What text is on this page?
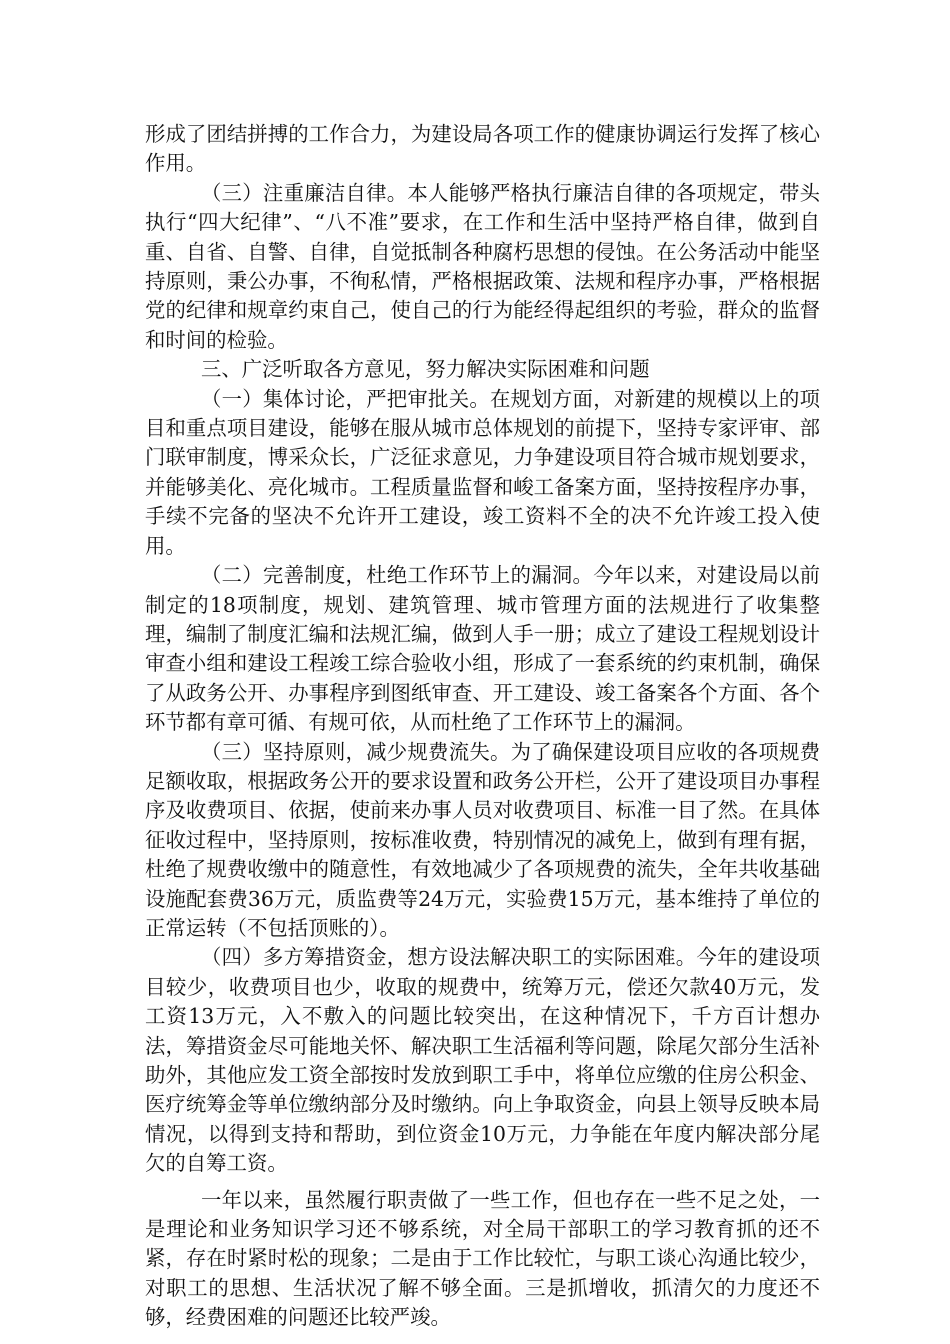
形成了团结拼搏的工作合力，为建设局各项工作的健康协调运行发挥了核心作用。

（三）注重廉洁自律。本人能够严格执行廉洁自律的各项规定，带头执行“四大纪律”、“八不准”要求，在工作和生活中坚持严格自律，做到自重、自省、自警、自律，自觉抵制各种腐朽思想的侵蚀。在公务活动中能坚持原则，秉公办事，不徇私情，严格根据政策、法规和程序办事，严格根据党的纪律和规章约束自己，使自己的行为能经得起组织的考验，群众的监督和时间的检验。

三、广泛听取各方意见，努力解决实际困难和问题

（一）集体讨论，严把审批关。在规划方面，对新建的规模以上的项目和重点项目建设，能够在服从城市总体规划的前提下，坚持专家评审、部门联审制度，博采众长，广泛征求意见，力争建设项目符合城市规划要求，并能够美化、亮化城市。工程质量监督和峻工备案方面，坚持按程序办事，手续不完备的坚决不允许开工建设，竣工资料不全的决不允许竣工投入使用。

（二）完善制度，杜绝工作环节上的漏洞。今年以来，对建设局以前制定的18项制度，规划、建筑管理、城市管理方面的法规进行了收集整理，编制了制度汇编和法规汇编，做到人手一册；成立了建设工程规划设计审查小组和建设工程竣工综合验收小组，形成了一套系统的约束机制，确保了从政务公开、办事程序到图纸审查、开工建设、竣工备案各个方面、各个环节都有章可循、有规可依，从而杜绝了工作环节上的漏洞。

（三）坚持原则，减少规费流失。为了确保建设项目应收的各项规费足额收取，根据政务公开的要求设置和政务公开栏，公开了建设项目办事程序及收费项目、依据，使前来办事人员对收费项目、标准一目了然。在具体征收过程中，坚持原则，按标准收费，特别情况的减免上，做到有理有据，杜绝了规费收缴中的随意性，有效地减少了各项规费的流失，全年共收基础设施配套费36万元，质监费等24万元，实验费15万元，基本维持了单位的正常运转（不包括顶账的）。

（四）多方筹措资金，想方设法解决职工的实际困难。今年的建设项目较少，收费项目也少，收取的规费中，统筹万元，偿还欠款40万元，发工资13万元，入不敷入的问题比较突出，在这种情况下，千方百计想办法，筹措资金尽可能地关怀、解决职工生活福利等问题，除尾欠部分生活补助外，其他应发工资全部按时发放到职工手中，将单位应缴的住房公积金、医疗统筹金等单位缴纳部分及时缴纳。向上争取资金，向县上领导反映本局情况，以得到支持和帮助，到位资金10万元，力争能在年度内解决部分尾欠的自筹工资。

一年以来，虽然履行职责做了一些工作，但也存在一些不足之处，一是理论和业务知识学习还不够系统，对全局干部职工的学习教育抓的还不紧，存在时紧时松的现象；二是由于工作比较忙，与职工谈心沟通比较少，对职工的思想、生活状况了解不够全面。三是抓增收，抓清欠的力度还不够，经费困难的问题还比较严竣。
